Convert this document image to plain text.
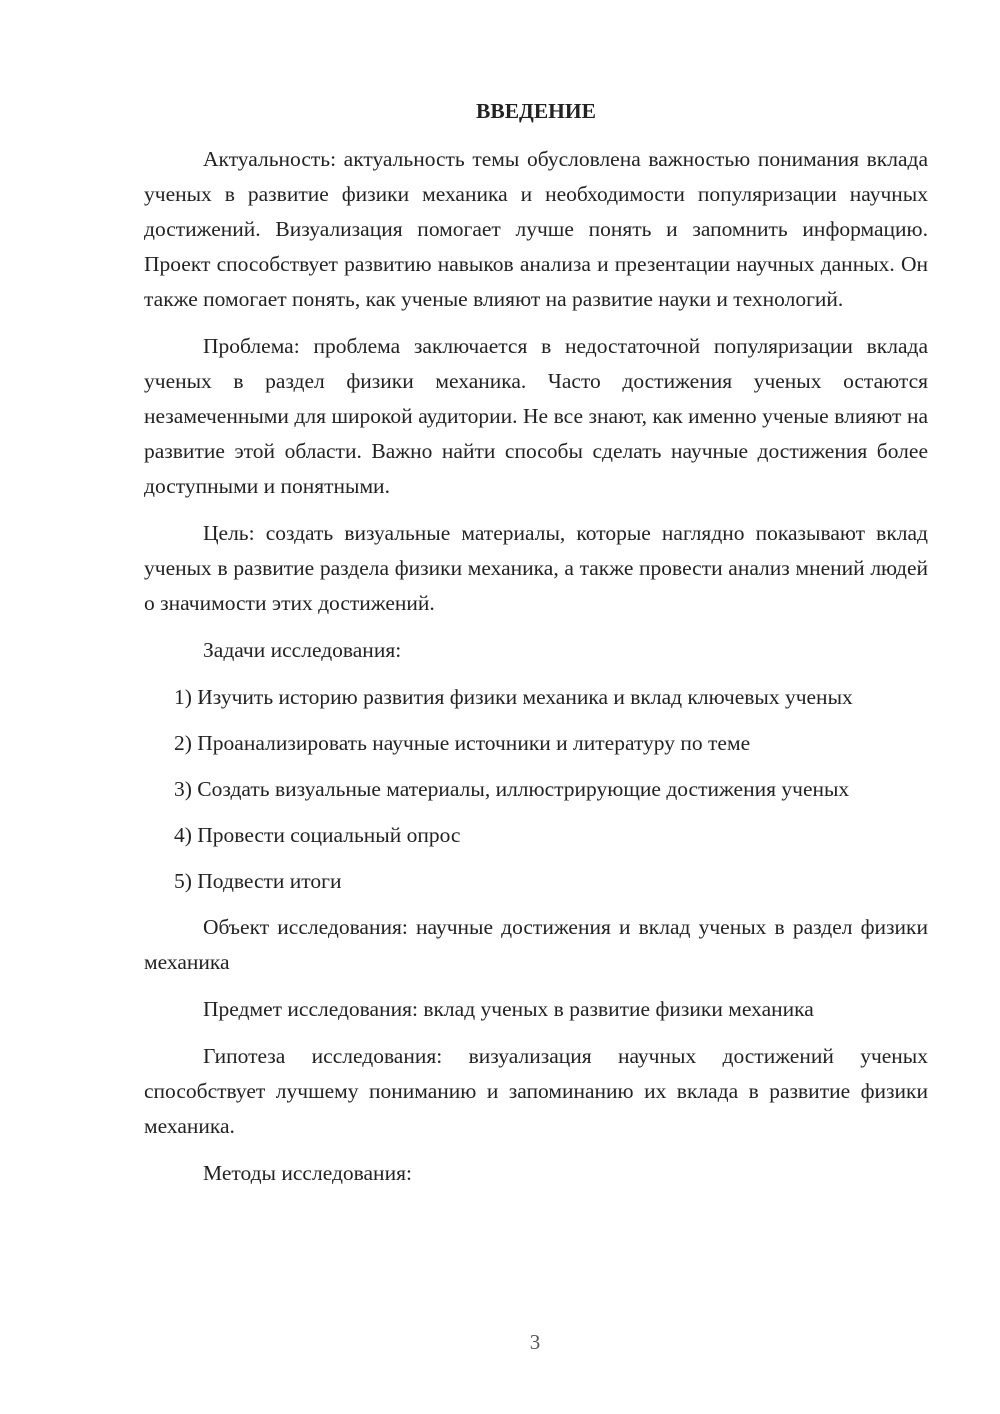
ВВЕДЕНИЕ

Актуальность: актуальность темы обусловлена важностью понимания вклада ученых в развитие физики механика и необходимости популяризации научных достижений. Визуализация помогает лучше понять и запомнить информацию. Проект способствует развитию навыков анализа и презентации научных данных. Он также помогает понять, как ученые влияют на развитие науки и технологий.

Проблема: проблема заключается в недостаточной популяризации вклада ученых в раздел физики механика. Часто достижения ученых остаются незамеченными для широкой аудитории. Не все знают, как именно ученые влияют на развитие этой области. Важно найти способы сделать научные достижения более доступными и понятными.

Цель: создать визуальные материалы, которые наглядно показывают вклад ученых в развитие раздела физики механика, а также провести анализ мнений людей о значимости этих достижений.

Задачи исследования:

1) Изучить историю развития физики механика и вклад ключевых ученых

2) Проанализировать научные источники и литературу по теме

3) Создать визуальные материалы, иллюстрирующие достижения ученых

4) Провести социальный опрос

5) Подвести итоги

Объект исследования: научные достижения и вклад ученых в раздел физики механика

Предмет исследования: вклад ученых в развитие физики механика

Гипотеза исследования: визуализация научных достижений ученых способствует лучшему пониманию и запоминанию их вклада в развитие физики механика.

Методы исследования:

3
